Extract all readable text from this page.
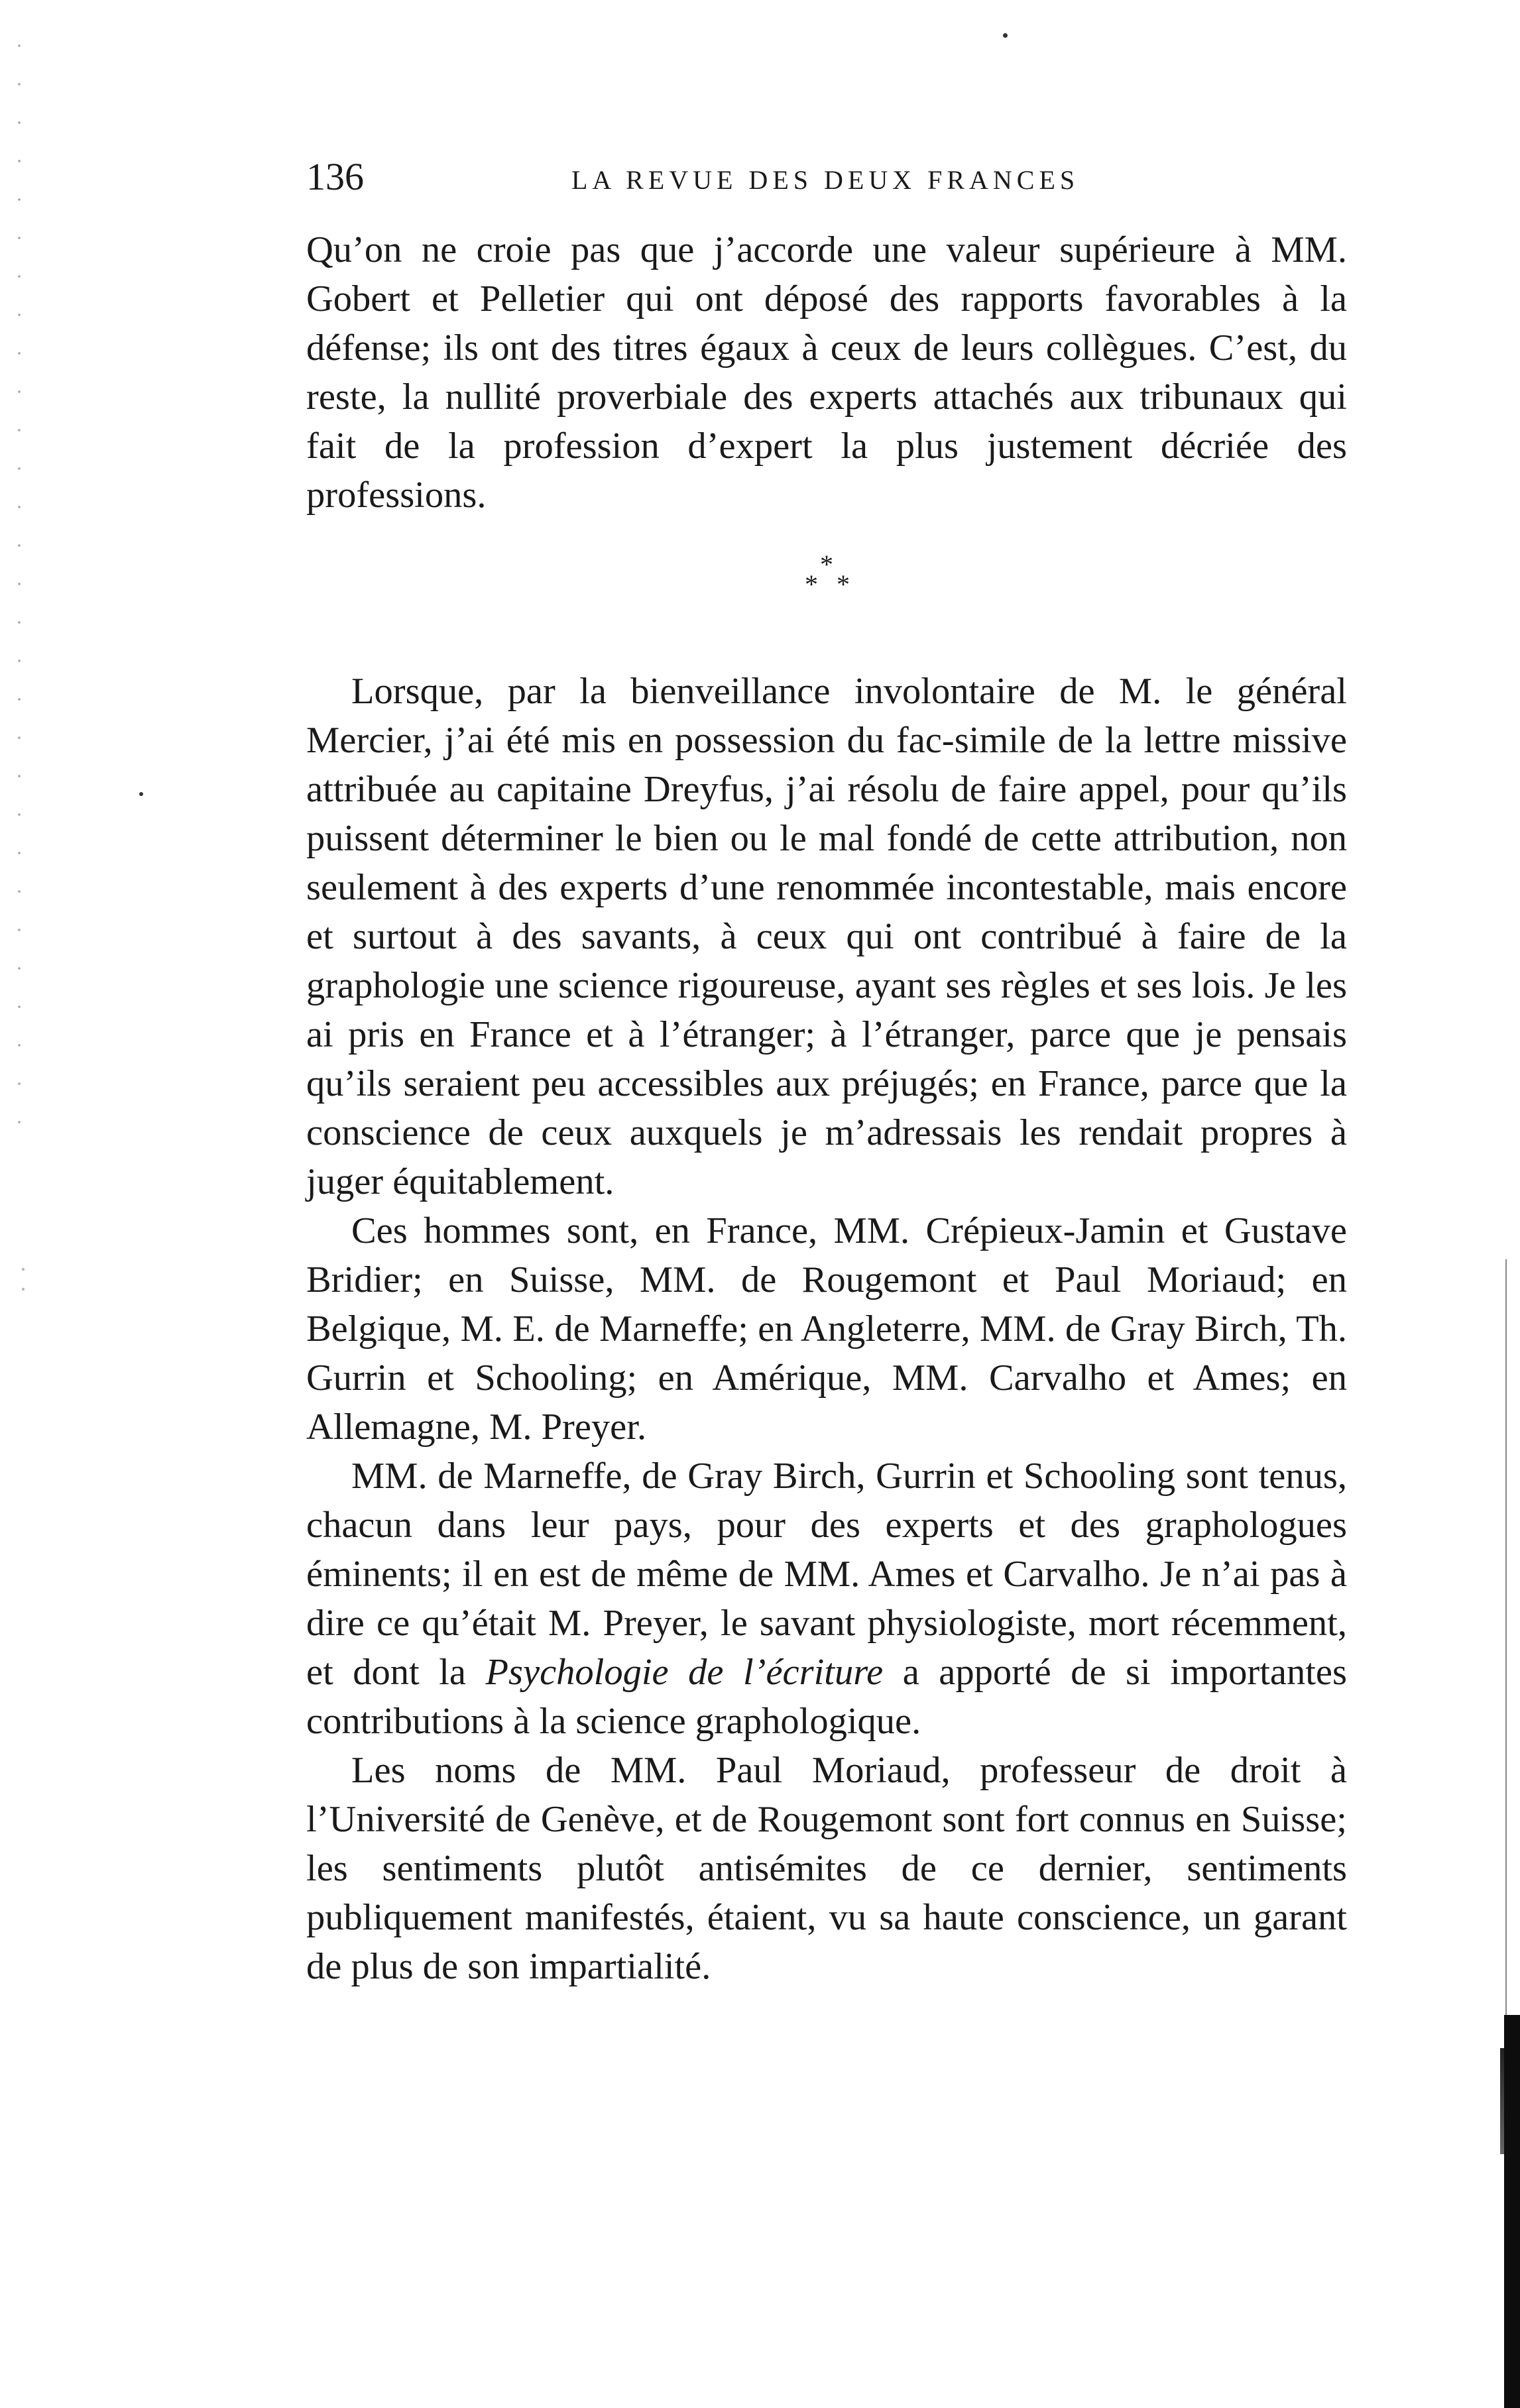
136	LA REVUE DES DEUX FRANCES

Qu’on ne croie pas que j’accorde une valeur supérieure à MM. Gobert et Pelletier qui ont déposé des rapports favorables à la défense; ils ont des titres égaux à ceux de leurs collègues. C’est, du reste, la nullité proverbiale des experts attachés aux tribunaux qui fait de la profession d’expert la plus justement décriée des professions.

*
* *

Lorsque, par la bienveillance involontaire de M. le général Mercier, j’ai été mis en possession du fac-simile de la lettre missive attribuée au capitaine Dreyfus, j’ai résolu de faire appel, pour qu’ils puissent déterminer le bien ou le mal fondé de cette attribution, non seulement à des experts d’une renommée incontestable, mais encore et surtout à des savants, à ceux qui ont contribué à faire de la graphologie une science rigoureuse, ayant ses règles et ses lois. Je les ai pris en France et à l’étranger; à l’étranger, parce que je pensais qu’ils seraient peu accessibles aux préjugés; en France, parce que la conscience de ceux auxquels je m’adressais les rendait propres à juger équitablement.

Ces hommes sont, en France, MM. Crépieux-Jamin et Gustave Bridier; en Suisse, MM. de Rougemont et Paul Moriaud; en Belgique, M. E. de Marneffe; en Angleterre, MM. de Gray Birch, Th. Gurrin et Schooling; en Amérique, MM. Carvalho et Ames; en Allemagne, M. Preyer.

MM. de Marneffe, de Gray Birch, Gurrin et Schooling sont tenus, chacun dans leur pays, pour des experts et des graphologues éminents; il en est de même de MM. Ames et Carvalho. Je n’ai pas à dire ce qu’était M. Preyer, le savant physiologiste, mort récemment, et dont la Psychologie de l’écriture a apporté de si importantes contributions à la science graphologique.

Les noms de MM. Paul Moriaud, professeur de droit à l’Université de Genève, et de Rougemont sont fort connus en Suisse; les sentiments plutôt antisémites de ce dernier, sentiments publiquement manifestés, étaient, vu sa haute conscience, un garant de plus de son impartialité.
